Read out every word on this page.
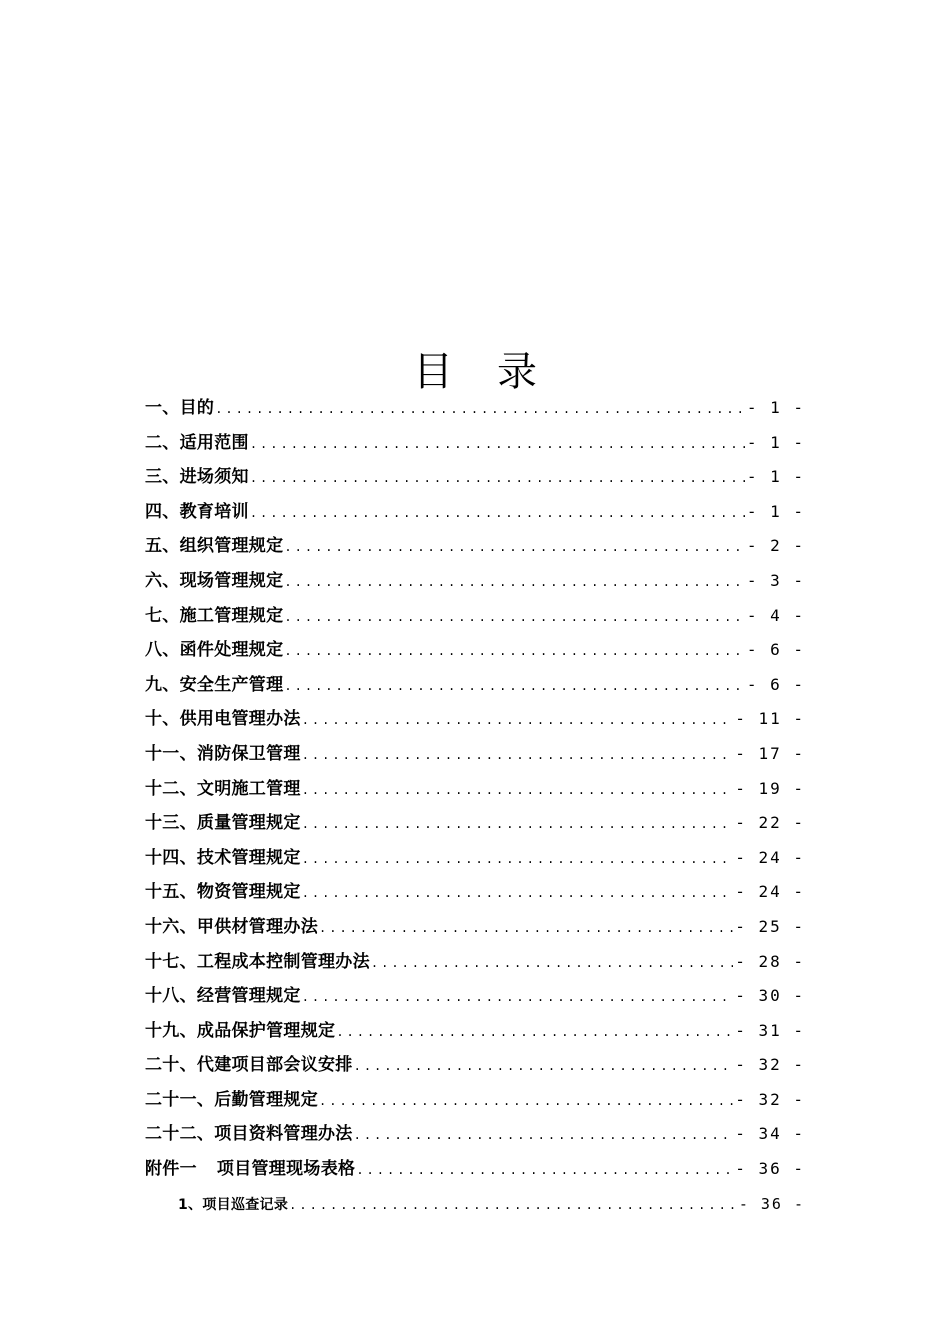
目录
一、目的 .....	- 1 -
二、适用范围 .....	- 1 -
三、进场须知 .....	- 1 -
四、教育培训 .....	- 1 -
五、组织管理规定 .....	- 2 -
六、现场管理规定 .....	- 3 -
七、施工管理规定 .....	- 4 -
八、函件处理规定 .....	- 6 -
九、安全生产管理 .....	- 6 -
十、供用电管理办法 .....	- 11 -
十一、消防保卫管理 .....	- 17 -
十二、文明施工管理 .....	- 19 -
十三、质量管理规定 .....	- 22 -
十四、技术管理规定 .....	- 24 -
十五、物资管理规定 .....	- 24 -
十六、甲供材管理办法 .....	- 25 -
十七、工程成本控制管理办法 .....	- 28 -
十八、经营管理规定 .....	- 30 -
十九、成品保护管理规定 .....	- 31 -
二十、代建项目部会议安排 .....	- 32 -
二十一、后勤管理规定 .....	- 32 -
二十二、项目资料管理办法 .....	- 34 -
附件一 项目管理现场表格 .....	- 36 -
1、项目巡查记录 .....	- 36 -
